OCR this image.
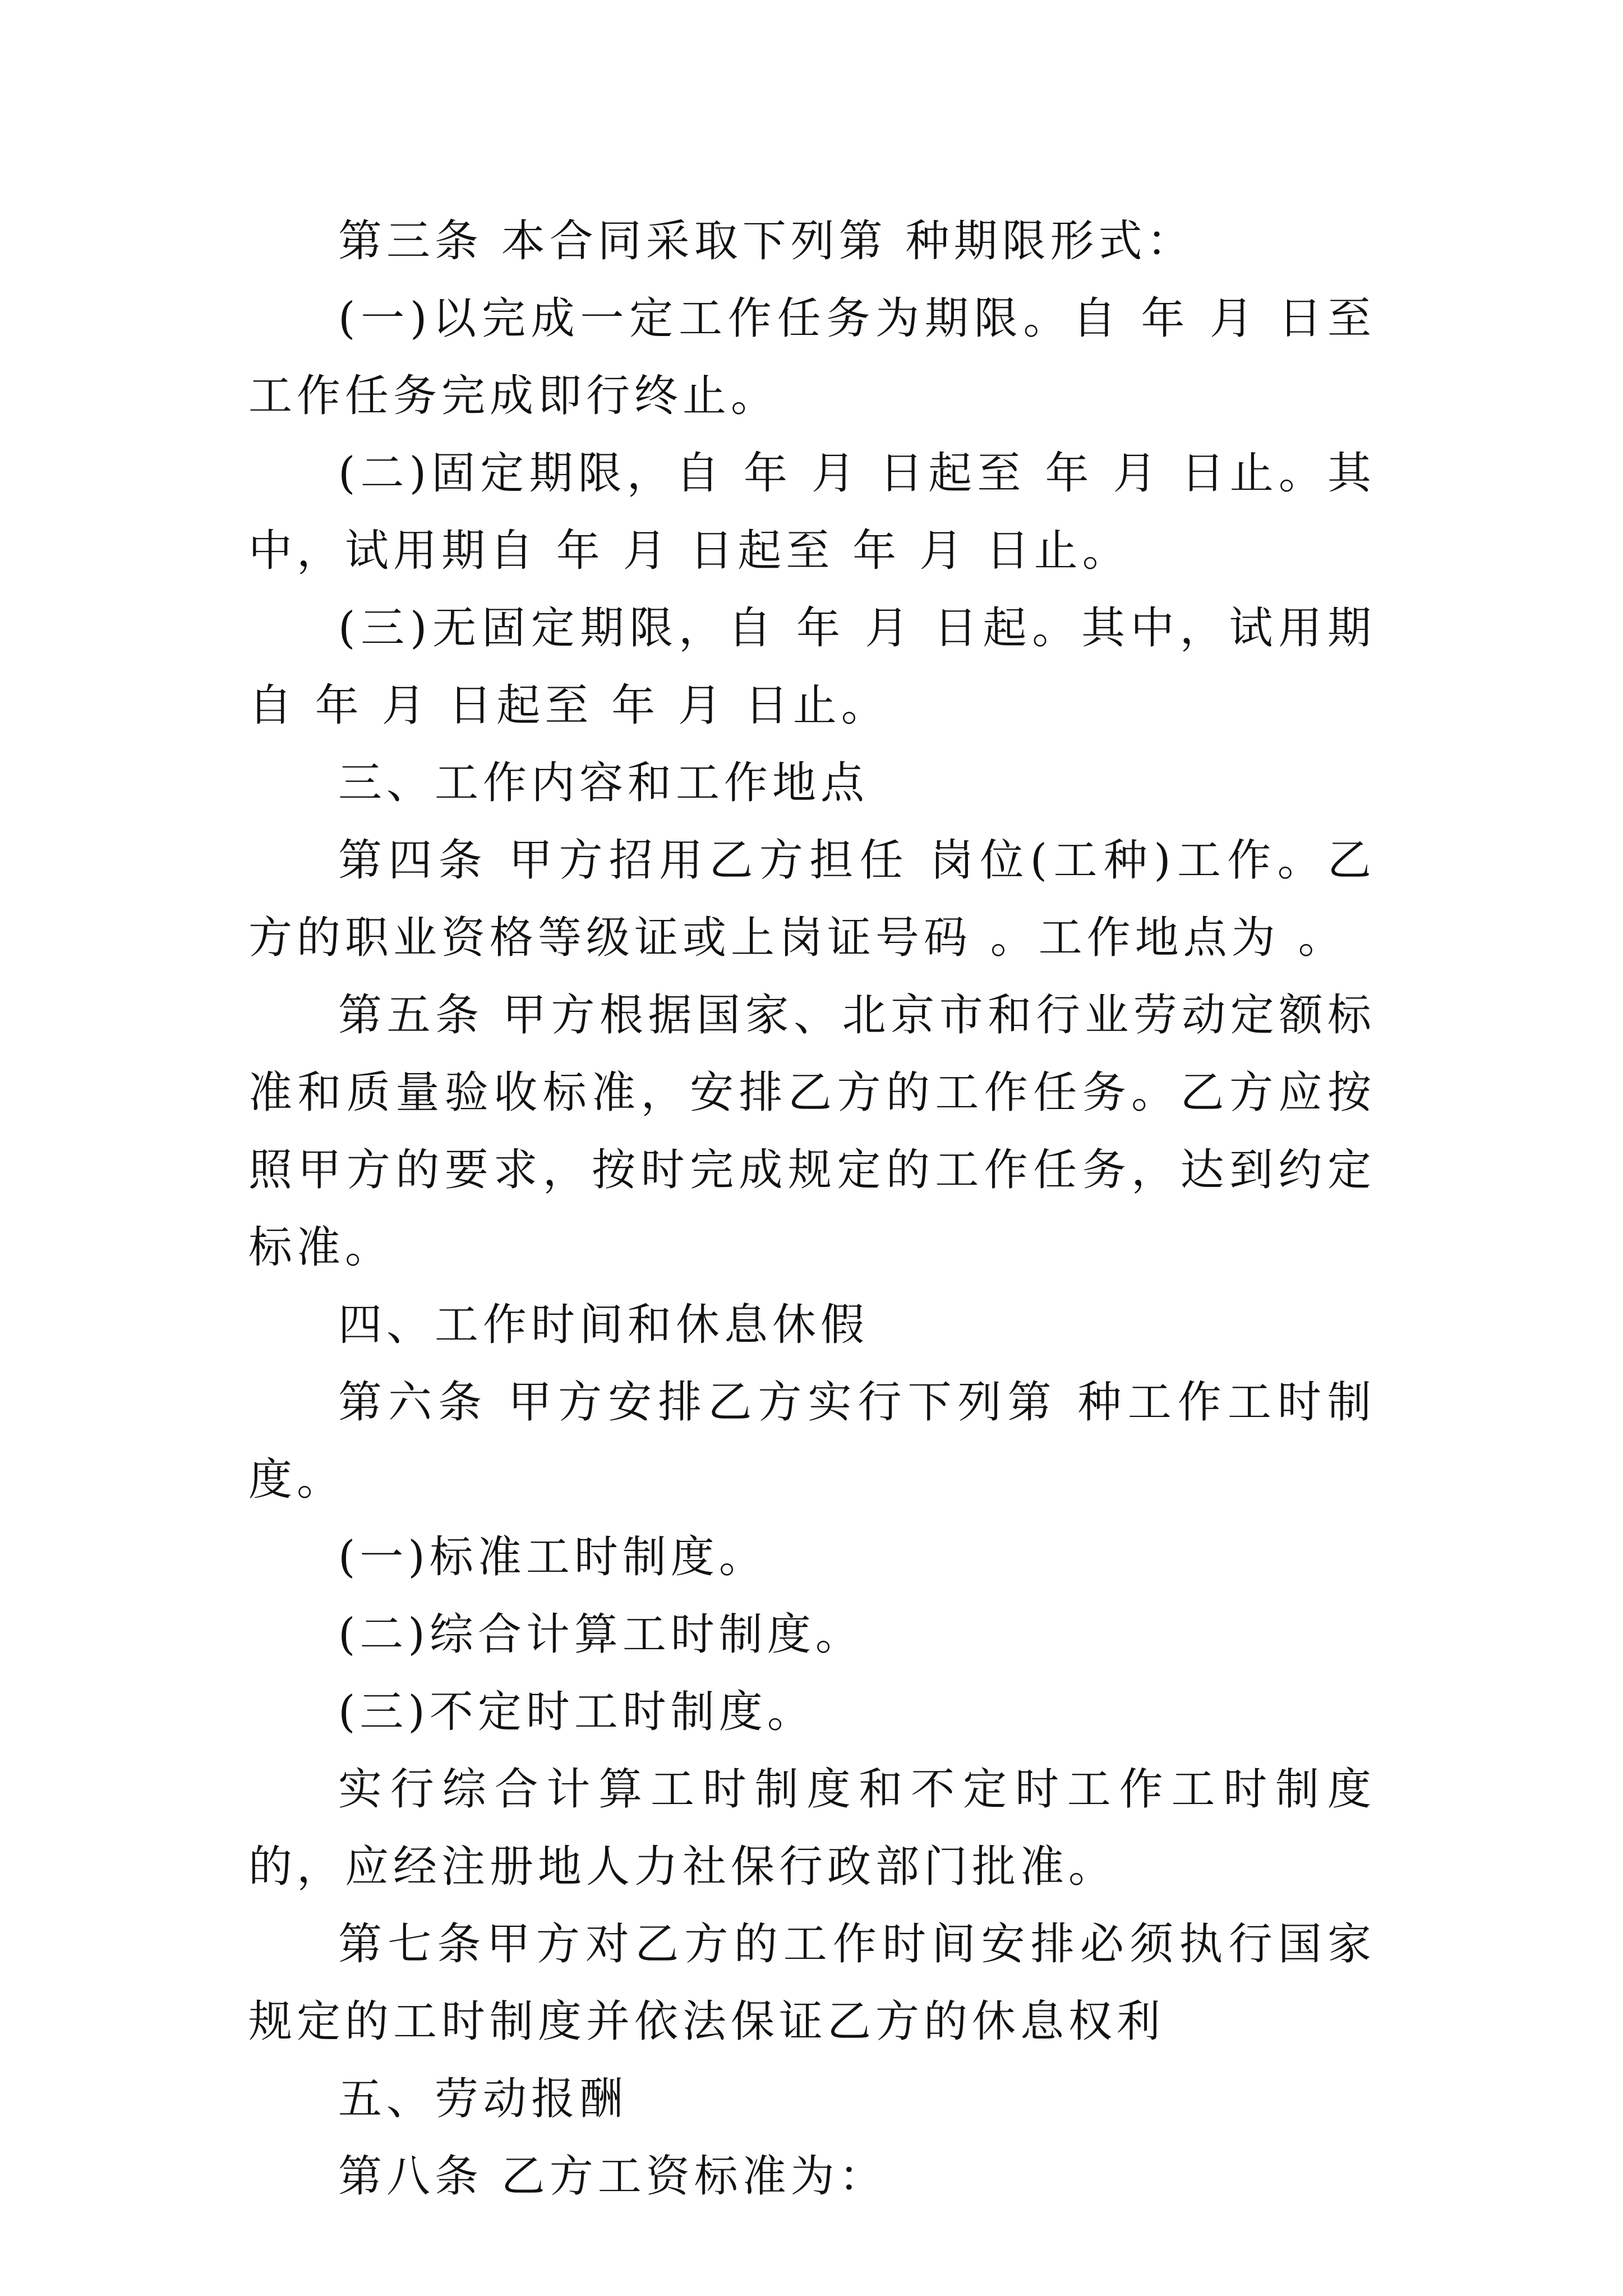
第三条 本合同采取下列第 种期限形式：

(一)以完成一定工作任务为期限。自 年 月 日至 工作任务完成即行终止。

(二)固定期限，自 年 月 日起至 年 月 日止。其中，试用期自 年 月 日起至 年 月 日止。

(三)无固定期限，自 年 月 日起。其中，试用期自 年 月 日起至 年 月 日止。

三、工作内容和工作地点

第四条 甲方招用乙方担任 岗位(工种)工作。乙方的职业资格等级证或上岗证号码 。工作地点为 。

第五条 甲方根据国家、北京市和行业劳动定额标准和质量验收标准，安排乙方的工作任务。乙方应按照甲方的要求，按时完成规定的工作任务，达到约定标准。

四、工作时间和休息休假

第六条 甲方安排乙方实行下列第 种工作工时制度。

(一)标准工时制度。

(二)综合计算工时制度。

(三)不定时工时制度。

实行综合计算工时制度和不定时工作工时制度的，应经注册地人力社保行政部门批准。

第七条甲方对乙方的工作时间安排必须执行国家规定的工时制度并依法保证乙方的休息权利

五、劳动报酬

第八条 乙方工资标准为：
